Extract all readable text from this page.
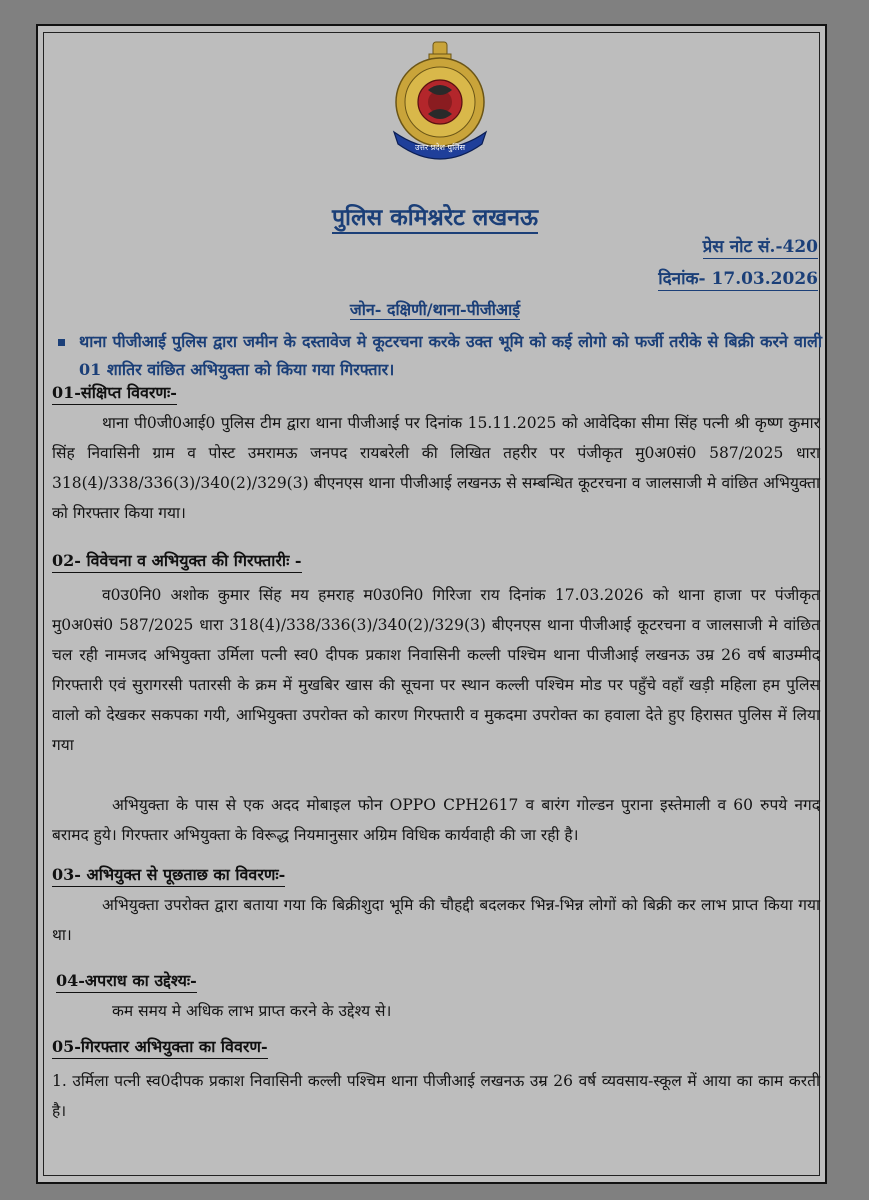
उत्तर प्रदेश पुलिस
पुलिस कमिश्नरेट लखनऊ
प्रेस नोट सं.-420
दिनांक- 17.03.2026
जोन- दक्षिणी/थाना-पीजीआई
थाना पीजीआई पुलिस द्वारा जमीन के दस्तावेज मे कूटरचना करके उक्त भूमि को कई लोगो को फर्जी तरीके से बिक्री करने वाली 01 शातिर वांछित अभियुक्ता को किया गया गिरफ्तार।
01-संक्षिप्त विवरणः-

थाना पी0जी0आई0 पुलिस टीम द्वारा थाना पीजीआई पर दिनांक 15.11.2025 को आवेदिका सीमा सिंह पत्नी श्री कृष्ण कुमार सिंह निवासिनी ग्राम व पोस्ट उमरामऊ जनपद रायबरेली की लिखित तहरीर पर पंजीकृत मु0अ0सं0 587/2025 धारा 318(4)/338/336(3)/340(2)/329(3) बीएनएस थाना पीजीआई लखनऊ से सम्बन्धित कूटरचना व जालसाजी मे वांछित अभियुक्ता को गिरफ्तार किया गया।

02- विवेचना व अभियुक्त की गिरफ्तारीः -

व0उ0नि0 अशोक कुमार सिंह मय हमराह म0उ0नि0 गिरिजा राय दिनांक 17.03.2026 को थाना हाजा पर पंजीकृत मु0अ0सं0 587/2025 धारा 318(4)/338/336(3)/340(2)/329(3) बीएनएस थाना पीजीआई कूटरचना व जालसाजी मे वांछित चल रही नामजद अभियुक्ता उर्मिला पत्नी स्व0 दीपक प्रकाश निवासिनी कल्ली पश्चिम थाना पीजीआई लखनऊ उम्र 26 वर्ष बाउम्मीद गिरफ्तारी एवं सुरागरसी पतारसी के क्रम में मुखबिर खास की सूचना पर स्थान कल्ली पश्चिम मोड पर पहुँचे वहाँ खड़ी महिला हम पुलिस वालो को देखकर सकपका गयी, आभियुक्ता उपरोक्त को कारण गिरफ्तारी व मुकदमा उपरोक्त का हवाला देते हुए हिरासत पुलिस में लिया गया

अभियुक्ता के पास से एक अदद मोबाइल फोन OPPO CPH2617 व बारंग गोल्डन पुराना इस्तेमाली व 60 रुपये नगद बरामद हुये। गिरफ्तार अभियुक्ता के विरूद्ध नियमानुसार अग्रिम विधिक कार्यवाही की जा रही है।

03- अभियुक्त से पूछताछ का विवरणः-

अभियुक्ता उपरोक्त द्वारा बताया गया कि बिक्रीशुदा भूमि की चौहद्दी बदलकर भिन्न-भिन्न लोगों को बिक्री कर लाभ प्राप्त किया गया था।

04-अपराध का उद्देश्यः-

कम समय मे अधिक लाभ प्राप्त करने के उद्देश्य से।

05-गिरफ्तार अभियुक्ता का विवरण-

1. उर्मिला पत्नी स्व0दीपक प्रकाश निवासिनी कल्ली पश्चिम थाना पीजीआई लखनऊ उम्र 26 वर्ष व्यवसाय-स्कूल में आया का काम करती है।
